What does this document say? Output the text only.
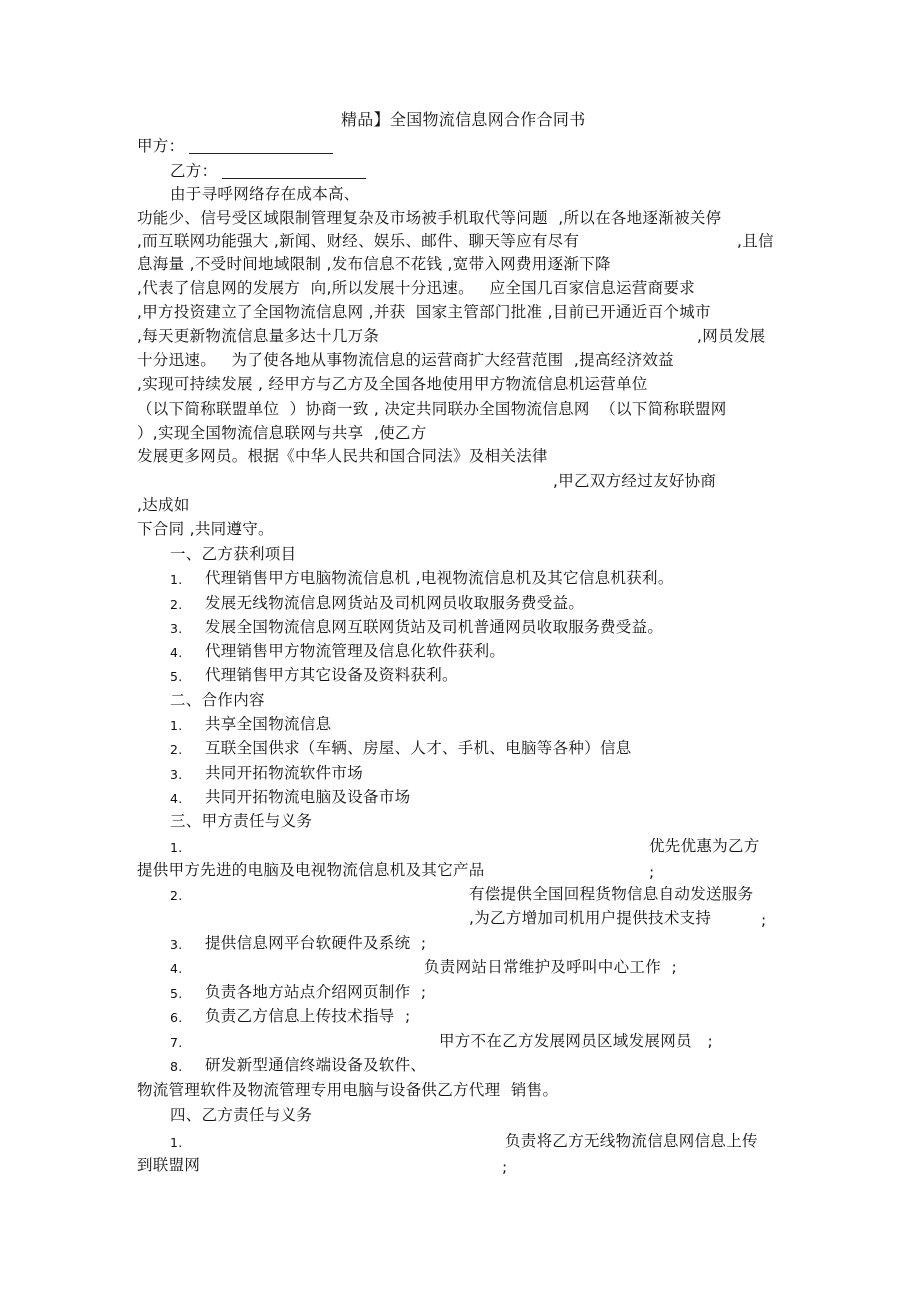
精品】全国物流信息网合作合同书
甲方：
乙方：
由于寻呼网络存在成本高、
功能少、信号受区域限制管理复杂及市场被手机取代等问题  ,所以在各地逐渐被关停
,而互联网功能强大 ,新闻、财经、娱乐、邮件、聊天等应有尽有	,且信
息海量 ,不受时间地域限制 ,发布信息不花钱 ,宽带入网费用逐渐下降
,代表了信息网的发展方  向,所以发展十分迅速。   应全国几百家信息运营商要求
,甲方投资建立了全国物流信息网 ,并获  国家主管部门批准 ,目前已开通近百个城市
,每天更新物流信息量多达十几万条	,网员发展
十分迅速。   为了使各地从事物流信息的运营商扩大经营范围  ,提高经济效益
,实现可持续发展 , 经甲方与乙方及全国各地使用甲方物流信息机运营单位
（以下简称联盟单位  ）协商一致 , 决定共同联办全国物流信息网  （以下简称联盟网
）,实现全国物流信息联网与共享  ,使乙方
发展更多网员。根据《中华人民共和国合同法》及相关法律
,甲乙双方经过友好协商
,达成如
下合同 ,共同遵守。
一、乙方获利项目
1. 代理销售甲方电脑物流信息机 ,电视物流信息机及其它信息机获利。
2. 发展无线物流信息网货站及司机网员收取服务费受益。
3. 发展全国物流信息网互联网货站及司机普通网员收取服务费受益。
4. 代理销售甲方物流管理及信息化软件获利。
5. 代理销售甲方其它设备及资料获利。
二、合作内容
1. 共享全国物流信息
2. 互联全国供求（车辆、房屋、人才、手机、电脑等各种）信息
3. 共同开拓物流软件市场
4. 共同开拓物流电脑及设备市场
三、甲方责任与义务
1.	优先优惠为乙方
提供甲方先进的电脑及电视物流信息机及其它产品	;
2.	有偿提供全国回程货物信息自动发送服务
,为乙方增加司机用户提供技术支持	;
3. 提供信息网平台软硬件及系统  ;
4.	负责网站日常维护及呼叫中心工作  ;
5. 负责各地方站点介绍网页制作  ;
6. 负责乙方信息上传技术指导  ;
7.	甲方不在乙方发展网员区域发展网员   ;
8. 研发新型通信终端设备及软件、
物流管理软件及物流管理专用电脑与设备供乙方代理  销售。
四、乙方责任与义务
1.	负责将乙方无线物流信息网信息上传
到联盟网	;
